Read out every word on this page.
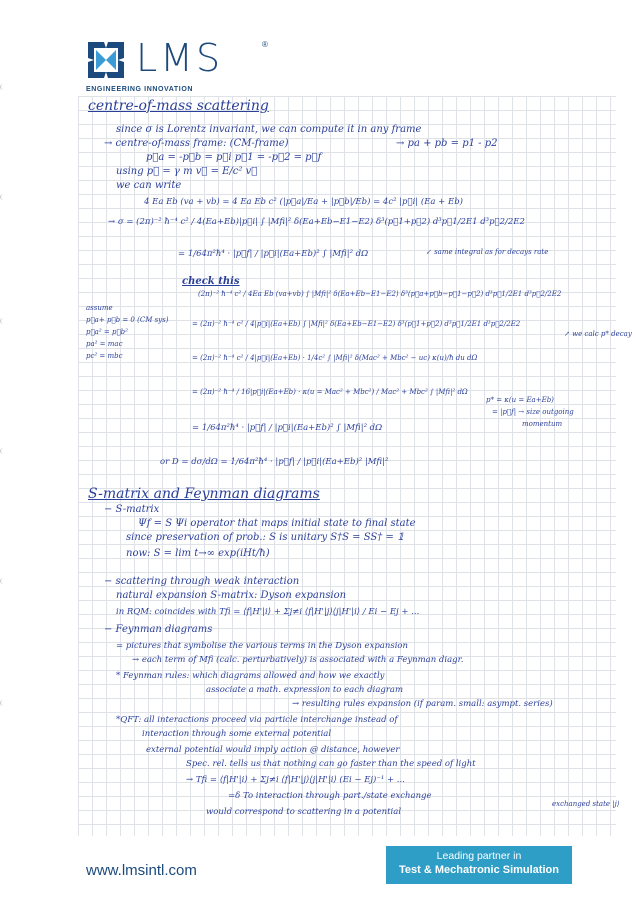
LMS	®
ENGINEERING INNOVATION
centre-of-mass scattering
since σ is Lorentz invariant, we can compute it in any frame
→ centre-of-mass frame: (CM-frame)	→ pa + pb = p1 - p2
p⃗a = -p⃗b = p⃗i p⃗1 = -p⃗2 = p⃗f
using p⃗ = γ m v⃗ = E/c² v⃗
we can write
4 Ea Eb (va + vb) = 4 Ea Eb c² (|p⃗a|/Ea + |p⃗b|/Eb) = 4c² |p⃗i| (Ea + Eb)
→ σ = (2π)⁻² ħ⁻⁴ c² / 4(Ea+Eb)|p⃗i| ∫ |Mfi|² δ(Ea+Eb−E1−E2) δ³(p⃗1+p⃗2) d³p⃗1/2E1 d³p⃗2/2E2
= 1/64π²ħ⁴ · |p⃗f| / |p⃗i|(Ea+Eb)² ∫ |Mfi|² dΩ	↙ same integral as for decays rate
check this
(2π)⁻² ħ⁻⁴ c² / 4Ea Eb (va+vb) ∫ |Mfi|² δ(Ea+Eb−E1−E2) δ³(p⃗a+p⃗b−p⃗1−p⃗2) d³p⃗1/2E1 d³p⃗2/2E2
assume
p⃗a+ p⃗b = 0 (CM sys)
p⃗a² = p⃗b²
pa² = mac
pc² = mbc
= (2π)⁻² ħ⁻⁴ c² / 4|p⃗i|(Ea+Eb) ∫ |Mfi|² δ(Ea+Eb−E1−E2) δ³(p⃗1+p⃗2) d³p⃗1/2E1 d³p⃗2/2E2
↗ we calc p* decay
= (2π)⁻² ħ⁻⁴ c² / 4|p⃗i|(Ea+Eb) · 1/4c² ∫ |Mfi|² δ(Mac² + Mbc² − uc) κ(u)/ħ du dΩ
= (2π)⁻² ħ⁻⁴ / 16|p⃗i|(Ea+Eb) · κ(u = Mac² + Mbc²) / Mac² + Mbc² ∫ |Mfi|² dΩ
p* = κ(u = Ea+Eb)
= |p⃗f| → size outgoing
momentum
= 1/64π²ħ⁴ · |p⃗f| / |p⃗i|(Ea+Eb)² ∫ |Mfi|² dΩ
or D = dσ/dΩ = 1/64π²ħ⁴ · |p⃗f| / |p⃗i|(Ea+Eb)² |Mfi|²
S-matrix and Feynman diagrams
− S-matrix
Ψf = S Ψi operator that maps initial state to final state
since preservation of prob.: S is unitary S†S = SS† = 𝟙
now: S = lim t→∞ exp(iHt/ħ)
− scattering through weak interaction
natural expansion S-matrix: Dyson expansion
in RQM: coincides with Tfi = ⟨f|H'|i⟩ + Σj≠i ⟨f|H'|j⟩⟨j|H'|i⟩ / Ei − Ej + ...
− Feynman diagrams
= pictures that symbolise the various terms in the Dyson expansion
→ each term of Mfi (calc. perturbatively) is associated with a Feynman diagr.
* Feynman rules: which diagrams allowed and how we exactly
associate a math. expression to each diagram
→ resulting rules expansion (if param. small: asympt. series)
*QFT: all interactions proceed via particle interchange instead of
interaction through some external potential
external potential would imply action @ distance, however
Spec. rel. tells us that nothing can go faster than the speed of light
→ Tfi = ⟨f|H'|i⟩ + Σj≠i ⟨f|H'|j⟩⟨j|H'|i⟩ (Ei − Ej)⁻¹ + ...
=δ To interaction through part./state exchange
would correspond to scattering in a potential
exchanged state |j⟩
www.lmsintl.com
Leading partner in
Test & Mechatronic Simulation
